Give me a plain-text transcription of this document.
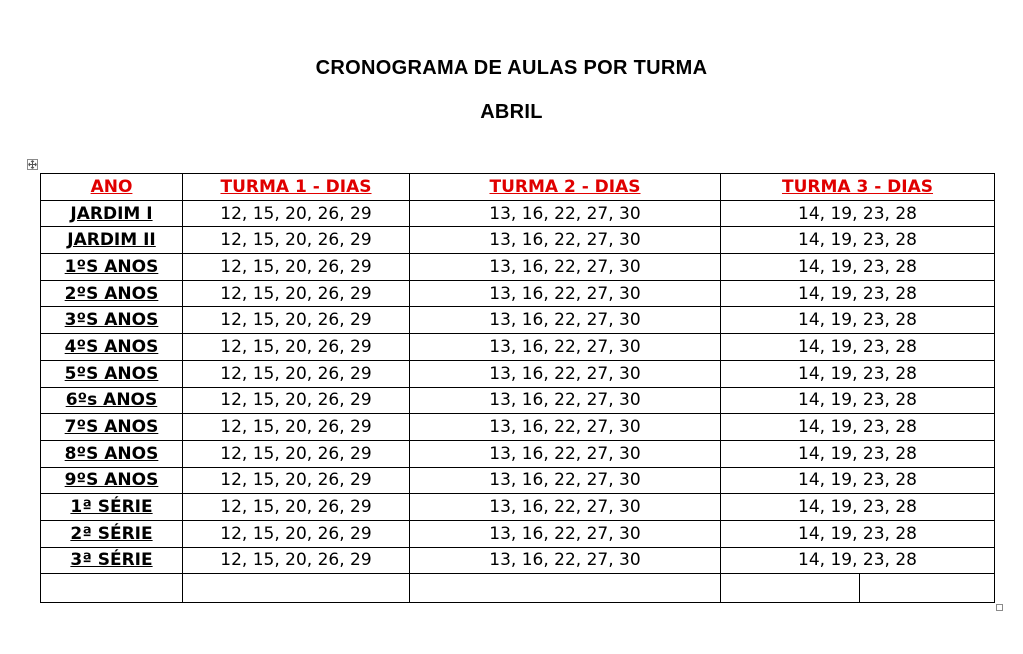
CRONOGRAMA DE AULAS POR TURMA
ABRIL
ANO	TURMA 1 - DIAS	TURMA 2 - DIAS	TURMA 3 - DIAS	
JARDIM I	12, 15, 20, 26, 29	13, 16, 22, 27, 30	14, 19, 23, 28	
JARDIM II	12, 15, 20, 26, 29	13, 16, 22, 27, 30	14, 19, 23, 28	
1ºS ANOS	12, 15, 20, 26, 29	13, 16, 22, 27, 30	14, 19, 23, 28	
2ºS ANOS	12, 15, 20, 26, 29	13, 16, 22, 27, 30	14, 19, 23, 28	
3ºS ANOS	12, 15, 20, 26, 29	13, 16, 22, 27, 30	14, 19, 23, 28	
4ºS ANOS	12, 15, 20, 26, 29	13, 16, 22, 27, 30	14, 19, 23, 28	
5ºS ANOS	12, 15, 20, 26, 29	13, 16, 22, 27, 30	14, 19, 23, 28	
6ºs ANOS	12, 15, 20, 26, 29	13, 16, 22, 27, 30	14, 19, 23, 28	
7ºS ANOS	12, 15, 20, 26, 29	13, 16, 22, 27, 30	14, 19, 23, 28	
8ºS ANOS	12, 15, 20, 26, 29	13, 16, 22, 27, 30	14, 19, 23, 28	
9ºS ANOS	12, 15, 20, 26, 29	13, 16, 22, 27, 30	14, 19, 23, 28	
1ª SÉRIE	12, 15, 20, 26, 29	13, 16, 22, 27, 30	14, 19, 23, 28	
2ª SÉRIE	12, 15, 20, 26, 29	13, 16, 22, 27, 30	14, 19, 23, 28	
3ª SÉRIE	12, 15, 20, 26, 29	13, 16, 22, 27, 30	14, 19, 23, 28	
